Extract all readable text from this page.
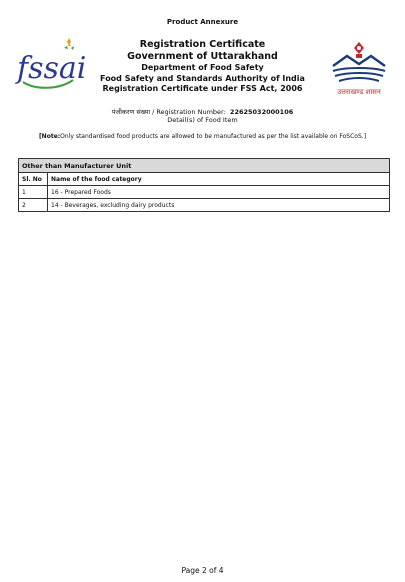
Product Annexure
fssai
Registration Certificate
Government of Uttarakhand
Department of Food Safety
Food Safety and Standards Authority of India
Registration Certificate under FSS Act, 2006	उत्तराखण्ड शासन
पंजीकरण संख्या / Registration Number: 22625032000106
Detail(s) of Food Item
[Note:Only standardised food products are allowed to be manufactured as per the list available on FoSCoS.]
Other than Manufacturer Unit	
Sl. No	Name of the food category
1	16 - Prepared Foods
2	14 - Beverages, excluding dairy products
Page 2 of 4
